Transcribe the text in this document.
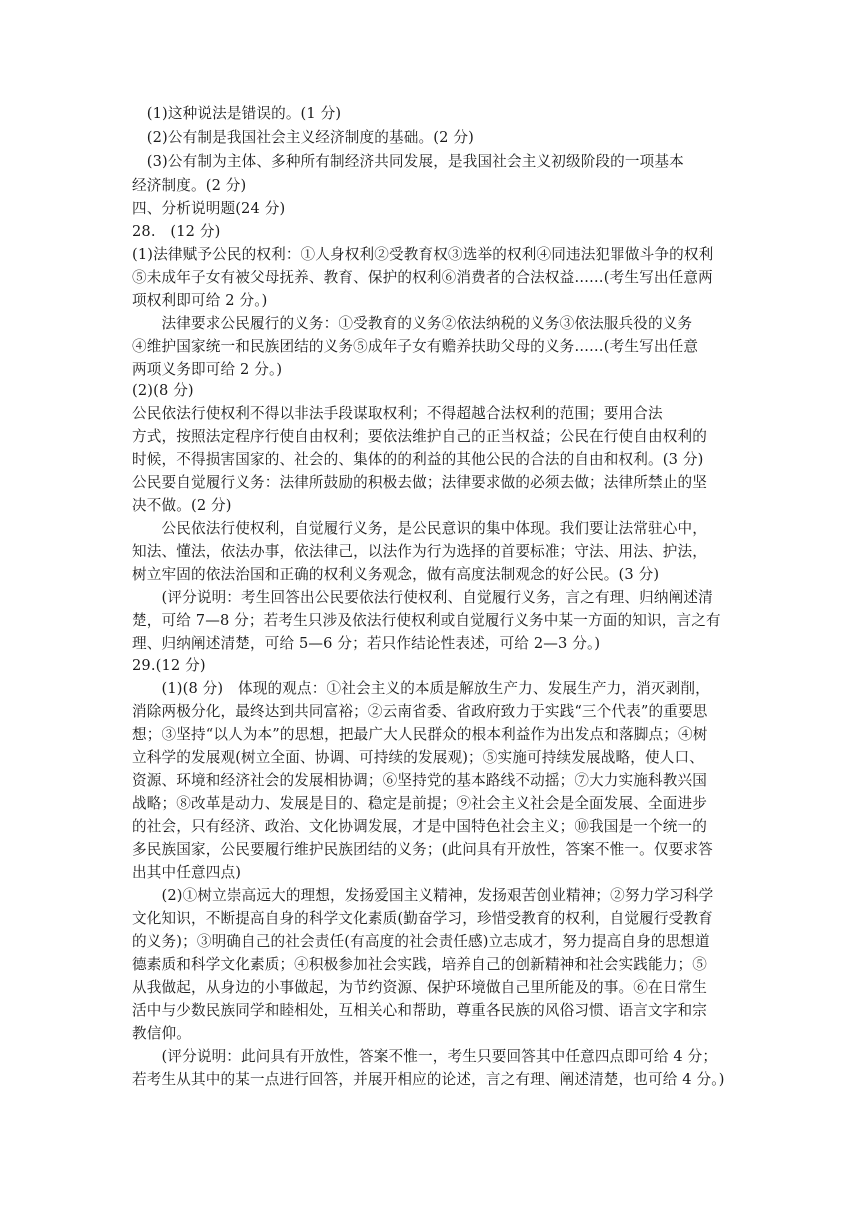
　(1)这种说法是错误的。(1 分)
　(2)公有制是我国社会主义经济制度的基础。(2 分)
　(3)公有制为主体、多种所有制经济共同发展，是我国社会主义初级阶段的一项基本
经济制度。(2 分)
四、分析说明题(24 分)
28.　(12 分)
(1)法律赋予公民的权利：①人身权利②受教育权③选举的权利④同违法犯罪做斗争的权利
⑤未成年子女有被父母抚养、教育、保护的权利⑥消费者的合法权益……(考生写出任意两
项权利即可给 2 分。)
　　法律要求公民履行的义务：①受教育的义务②依法纳税的义务③依法服兵役的义务
④维护国家统一和民族团结的义务⑤成年子女有赡养扶助父母的义务……(考生写出任意
两项义务即可给 2 分。)
(2)(8 分)
公民依法行使权利不得以非法手段谋取权利；不得超越合法权利的范围；要用合法
方式，按照法定程序行使自由权利；要依法维护自己的正当权益；公民在行使自由权利的
时候，不得损害国家的、社会的、集体的的利益的其他公民的合法的自由和权利。(3 分)
公民要自觉履行义务：法律所鼓励的积极去做；法律要求做的必须去做；法律所禁止的坚
决不做。(2 分)
　　公民依法行使权利，自觉履行义务，是公民意识的集中体现。我们要让法常驻心中，
知法、懂法，依法办事，依法律己，以法作为行为选择的首要标准；守法、用法、护法，
树立牢固的依法治国和正确的权利义务观念，做有高度法制观念的好公民。(3 分)
　　(评分说明：考生回答出公民要依法行使权利、自觉履行义务，言之有理、归纳阐述清
楚，可给 7—8 分；若考生只涉及依法行使权利或自觉履行义务中某一方面的知识，言之有
理、归纳阐述清楚，可给 5—6 分；若只作结论性表述，可给 2—3 分。)
29.(12 分)
　　(1)(8 分)　体现的观点：①社会主义的本质是解放生产力、发展生产力，消灭剥削，
消除两极分化，最终达到共同富裕；②云南省委、省政府致力于实践“三个代表”的重要思
想；③坚持“以人为本”的思想，把最广大人民群众的根本利益作为出发点和落脚点；④树
立科学的发展观(树立全面、协调、可持续的发展观)；⑤实施可持续发展战略，使人口、
资源、环境和经济社会的发展相协调；⑥坚持党的基本路线不动摇；⑦大力实施科教兴国
战略；⑧改革是动力、发展是目的、稳定是前提；⑨社会主义社会是全面发展、全面进步
的社会，只有经济、政治、文化协调发展，才是中国特色社会主义；⑩我国是一个统一的
多民族国家，公民要履行维护民族团结的义务；(此问具有开放性，答案不惟一。仅要求答
出其中任意四点)
　　(2)①树立崇高远大的理想，发扬爱国主义精神，发扬艰苦创业精神；②努力学习科学
文化知识，不断提高自身的科学文化素质(勤奋学习，珍惜受教育的权利，自觉履行受教育
的义务)；③明确自己的社会责任(有高度的社会责任感)立志成才，努力提高自身的思想道
德素质和科学文化素质；④积极参加社会实践，培养自己的创新精神和社会实践能力；⑤
从我做起，从身边的小事做起，为节约资源、保护环境做自己里所能及的事。⑥在日常生
活中与少数民族同学和睦相处，互相关心和帮助，尊重各民族的风俗习惯、语言文字和宗
教信仰。
　　(评分说明：此问具有开放性，答案不惟一，考生只要回答其中任意四点即可给 4 分；
若考生从其中的某一点进行回答，并展开相应的论述，言之有理、阐述清楚，也可给 4 分。)
